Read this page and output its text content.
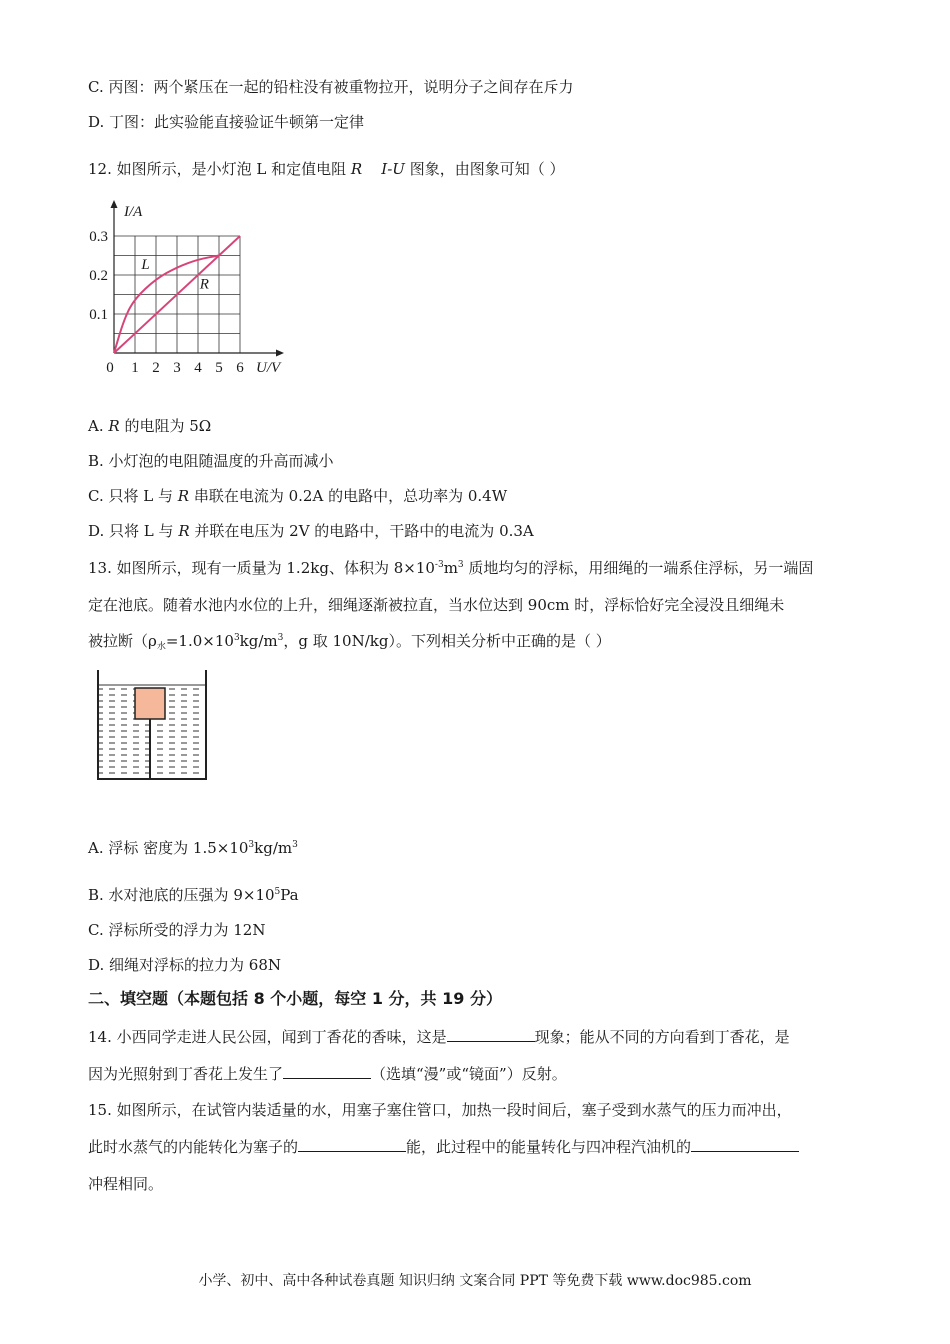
C. 丙图：两个紧压在一起的铅柱没有被重物拉开，说明分子之间存在斥力
D. 丁图：此实验能直接验证牛顿第一定律
12. 如图所示，是小灯泡 L 和定值电阻 R I-U 图象，由图象可知（ ）
0 1 2 3 4 5 6
0.1
0.2
0.3
U/V
I/A
L
R
A. R 的电阻为 5Ω
B. 小灯泡的电阻随温度的升高而减小
C. 只将 L 与 R 串联在电流为 0.2A 的电路中，总功率为 0.4W
D. 只将 L 与 R 并联在电压为 2V 的电路中，干路中的电流为 0.3A
13. 如图所示，现有一质量为 1.2kg、体积为 $8\times 10^{-3}m^3$ 质地均匀的浮标，用细绳的一端系住浮标，另一端固
定在池底。随着水池内水位的上升，细绳逐渐被拉直，当水位达到 90cm 时，浮标恰好完全浸没且细绳未
被拉断（$\rho_水=1.0\times 10^3kg/m^3$，g 取 10N/kg）。下列相关分析中正确的是（ ）
A. 浮标 密度为 $1.5\times 10^3kg/m^3$
B. 水对池底的压强为 $9\times 10^5Pa$
C. 浮标所受的浮力为 12N
D. 细绳对浮标的拉力为 68N
二、填空题（本题包括 8 个小题，每空 1 分，共 19 分）
14. 小西同学走进人民公园，闻到丁香花的香味，这是	现象；能从不同的方向看到丁香花，是
因为光照射到丁香花上发生了	（选填“漫”或“镜面”）反射。
15. 如图所示，在试管内装适量的水，用塞子塞住管口，加热一段时间后，塞子受到水蒸气的压力而冲出，
此时水蒸气的内能转化为塞子的	能，此过程中的能量转化与四冲程汽油机的
冲程相同。
小学、初中、高中各种试卷真题 知识归纳 文案合同 PPT 等免费下载 www.doc985.com
